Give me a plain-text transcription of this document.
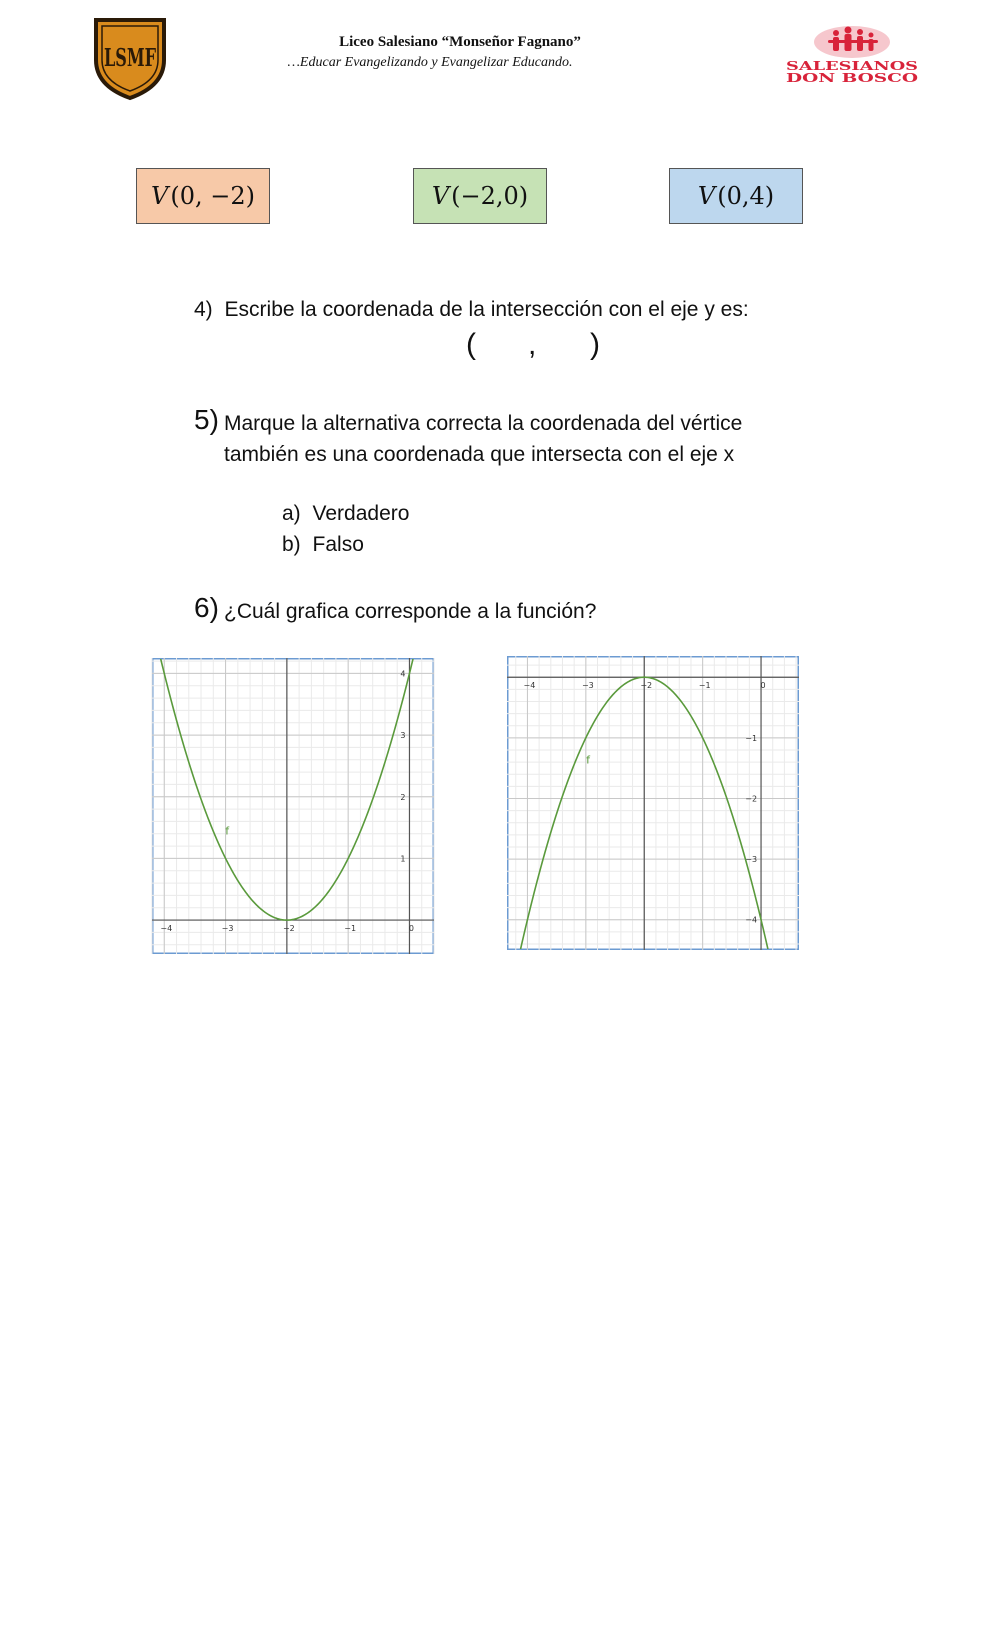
LSMF
Liceo Salesiano “Monseñor Fagnano”
…Educar Evangelizando y Evangelizar Educando.	SALESIANOS
DON BOSCO
V (0, −2)	V (−2,0)	V (0,4)
4) Escribe la coordenada de la intersección con el eje y es:
( , )
5) Marque la alternativa correcta la coordenada del vértice
también es una coordenada que intersecta con el eje x
a) Verdadero
b) Falso
6) ¿Cuál grafica corresponde a la función?
−4	−3	−2	−1	0
1
2
3
4
f
−4	−3	−2	−1	0
−1
−2
−3
−4
f
